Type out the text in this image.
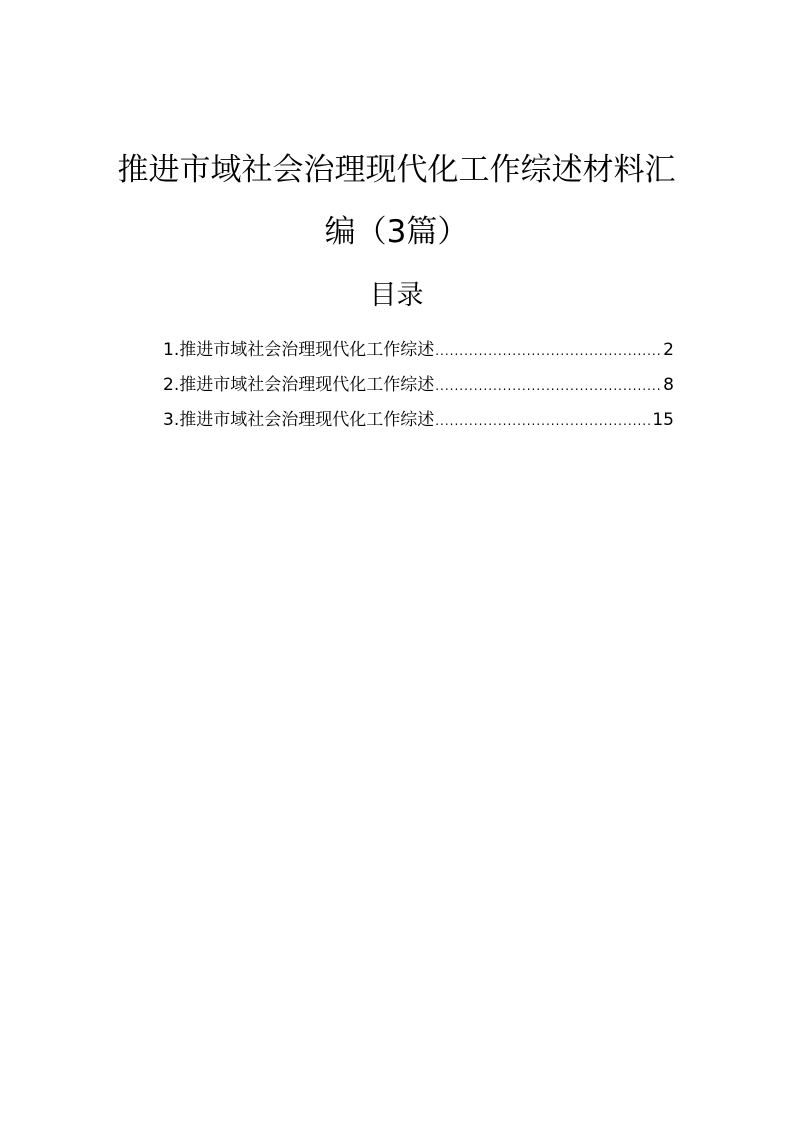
推进市域社会治理现代化工作综述材料汇
编（3篇）
目录
1.推进市域社会治理现代化工作综述 .....	2
2.推进市域社会治理现代化工作综述 .....	8
3.推进市域社会治理现代化工作综述 .....	15
